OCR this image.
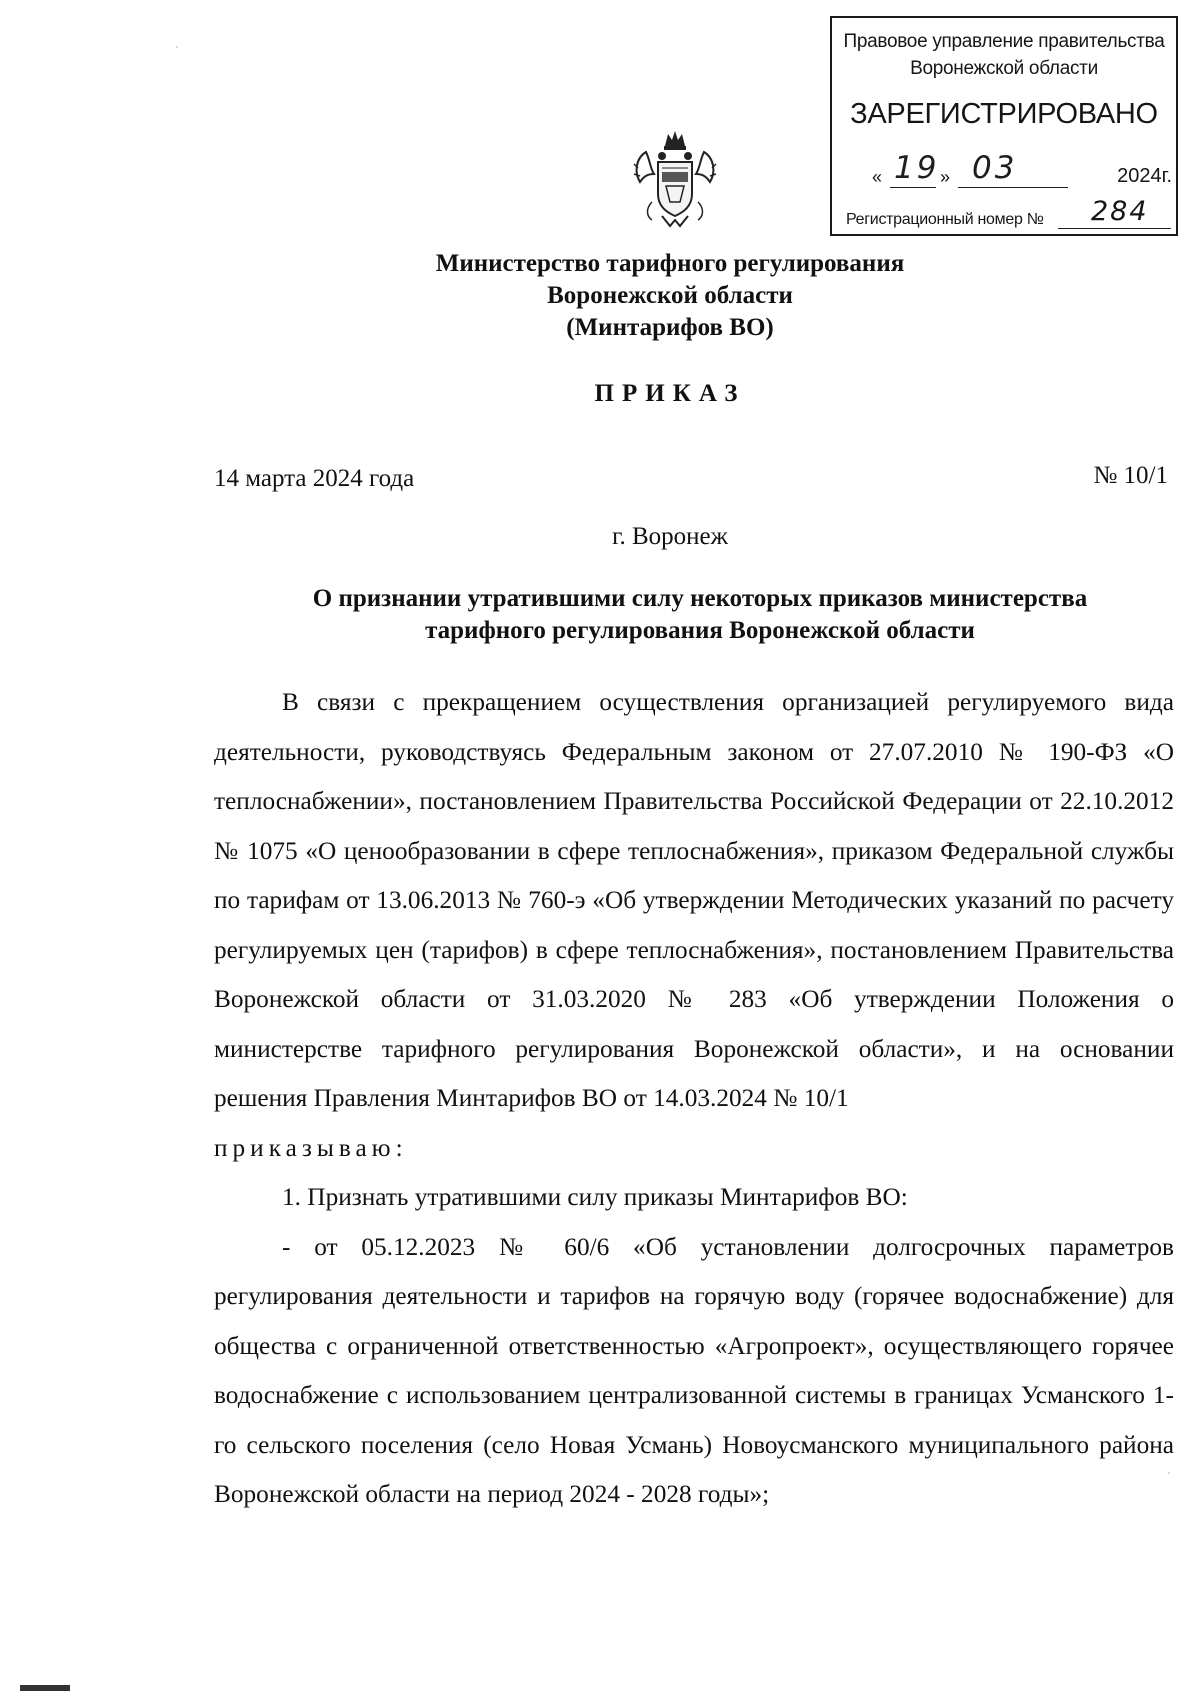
Правовое управление правительства
Воронежской области
ЗАРЕГИСТРИРОВАНО
« 19 » 03	2024г.
Регистрационный номер № 284
Министерство тарифного регулирования
Воронежской области
(Минтарифов ВО)
ПРИКАЗ
14 марта 2024 года	№ 10/1
г. Воронеж
О признании утратившими силу некоторых приказов министерства
тарифного регулирования Воронежской области

В связи с прекращением осуществления организацией регулируемого вида деятельности, руководствуясь Федеральным законом от 27.07.2010 № 190-ФЗ «О теплоснабжении», постановлением Правительства Российской Федерации от 22.10.2012 № 1075 «О ценообразовании в сфере теплоснабжения», приказом Федеральной службы по тарифам от 13.06.2013 № 760-э «Об утверждении Методических указаний по расчету регулируемых цен (тарифов) в сфере теплоснабжения», постановлением Правительства Воронежской области от 31.03.2020 № 283 «Об утверждении Положения о министерстве тарифного регулирования Воронежской области», и на основании решения Правления Минтарифов ВО от 14.03.2024 № 10/1

приказываю:

1. Признать утратившими силу приказы Минтарифов ВО:

- от 05.12.2023 № 60/6 «Об установлении долгосрочных параметров регулирования деятельности и тарифов на горячую воду (горячее водоснабжение) для общества с ограниченной ответственностью «Агропроект», осуществляющего горячее водоснабжение с использованием централизованной системы в границах Усманского 1-го сельского поселения (село Новая Усмань) Новоусманского муниципального района Воронежской области на период 2024 - 2028 годы»;
